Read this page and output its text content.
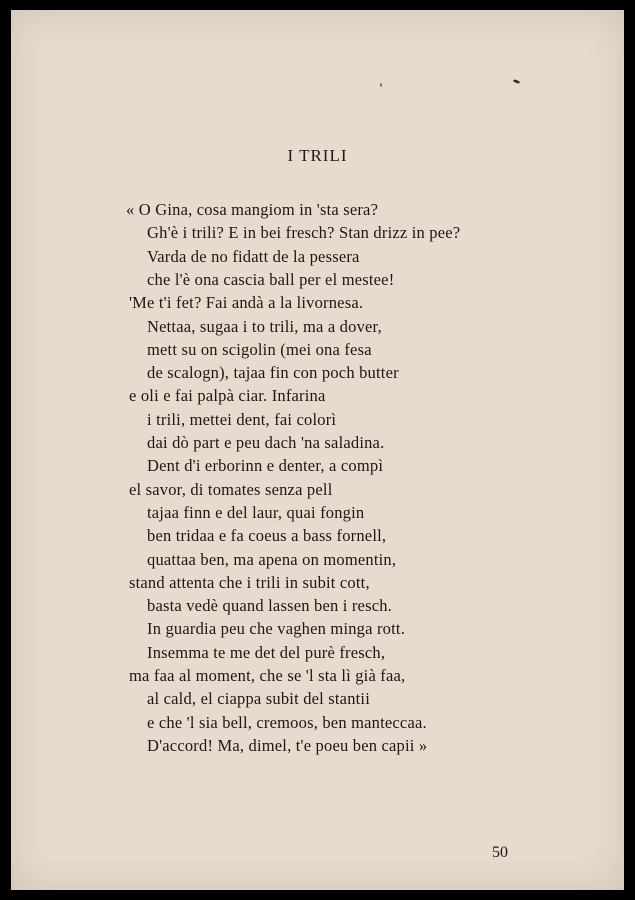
I TRILI
« O Gina, cosa mangiom in 'sta sera?
Gh'è i trili? E in bei fresch? Stan drizz in pee?
Varda de no fidatt de la pessera
che l'è ona cascia ball per el mestee!
'Me t'i fet? Fai andà a la livornesa.
Nettaa, sugaa i to trili, ma a dover,
mett su on scigolin (mei ona fesa
de scalogn), tajaa fin con poch butter
e oli e fai palpà ciar. Infarina
i trili, mettei dent, fai colorì
dai dò part e peu dach 'na saladina.
Dent d'i erborinn e denter, a compì
el savor, di tomates senza pell
tajaa finn e del laur, quai fongin
ben tridaa e fa coeus a bass fornell,
quattaa ben, ma apena on momentin,
stand attenta che i trili in subit cott,
basta vedè quand lassen ben i resch.
In guardia peu che vaghen minga rott.
Insemma te me det del purè fresch,
ma faa al moment, che se 'l sta lì già faa,
al cald, el ciappa subit del stantii
e che 'l sia bell, cremoos, ben manteccaa.
D'accord! Ma, dimel, t'e poeu ben capii »
50
